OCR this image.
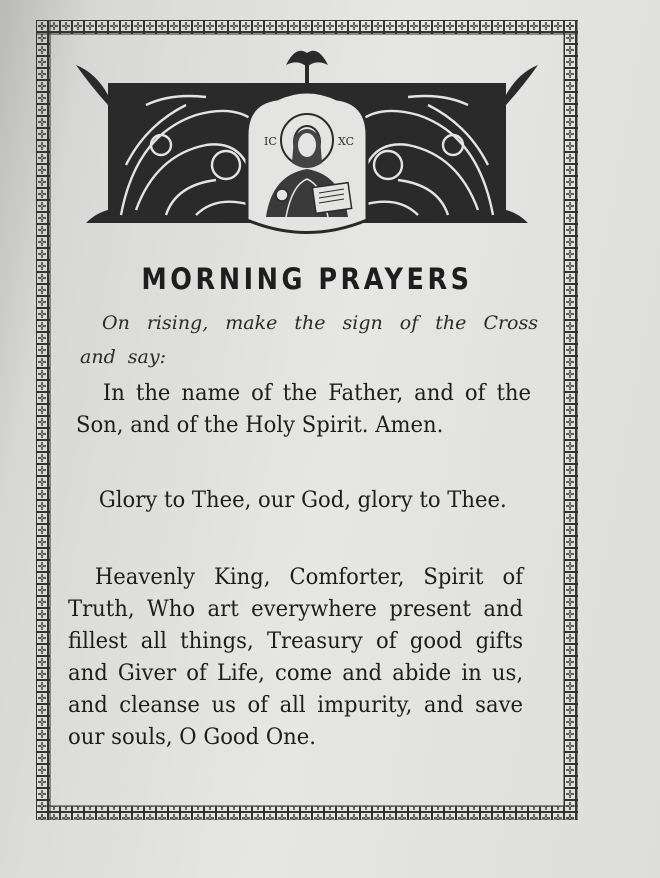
IC	XC
MORNING PRAYERS
On rising, make the sign of the Cross and say:
In the name of the Father, and of the Son, and of the Holy Spirit. Amen.
Glory to Thee, our God, glory to Thee.
Heavenly King, Comforter, Spirit of Truth, Who art everywhere present and fillest all things, Treasury of good gifts and Giver of Life, come and abide in us, and cleanse us of all impurity, and save our souls, O Good One.
